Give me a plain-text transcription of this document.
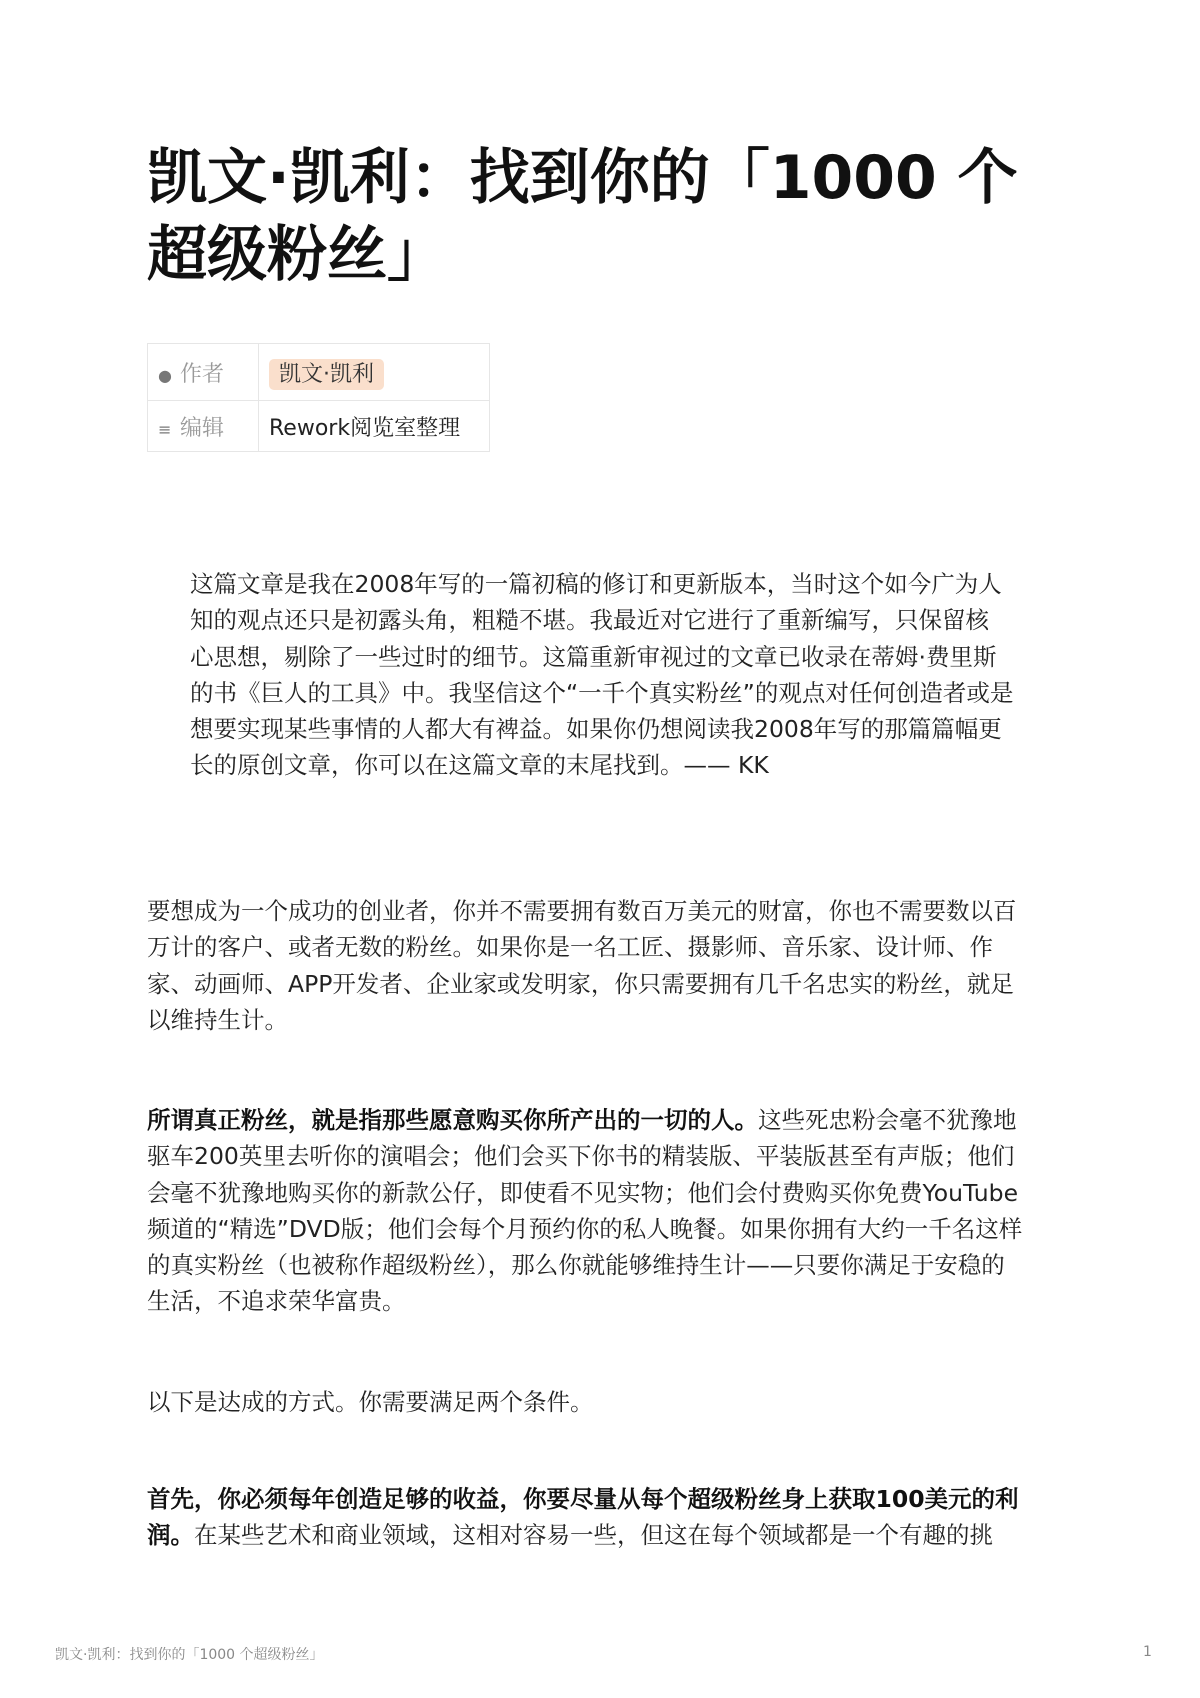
凯文·凯利：找到你的「1000 个超级粉丝」
● 作者	凯文·凯利
≡ 编辑	Rework阅览室整理
这篇文章是我在2008年写的一篇初稿的修订和更新版本，当时这个如今广为人
知的观点还只是初露头角，粗糙不堪。我最近对它进行了重新编写，只保留核
心思想，剔除了一些过时的细节。这篇重新审视过的文章已收录在蒂姆·费里斯
的书《巨人的工具》中。我坚信这个“一千个真实粉丝”的观点对任何创造者或是
想要实现某些事情的人都大有裨益。如果你仍想阅读我2008年写的那篇篇幅更
长的原创文章，你可以在这篇文章的末尾找到。—— KK
要想成为一个成功的创业者，你并不需要拥有数百万美元的财富，你也不需要数以百
万计的客户、或者无数的粉丝。如果你是一名工匠、摄影师、音乐家、设计师、作
家、动画师、APP开发者、企业家或发明家，你只需要拥有几千名忠实的粉丝，就足
以维持生计。
所谓真正粉丝，就是指那些愿意购买你所产出的一切的人。这些死忠粉会毫不犹豫地
驱车200英里去听你的演唱会；他们会买下你书的精装版、平装版甚至有声版；他们
会毫不犹豫地购买你的新款公仔，即使看不见实物；他们会付费购买你免费YouTube
频道的“精选”DVD版；他们会每个月预约你的私人晚餐。如果你拥有大约一千名这样
的真实粉丝（也被称作超级粉丝），那么你就能够维持生计——只要你满足于安稳的
生活，不追求荣华富贵。
以下是达成的方式。你需要满足两个条件。
首先，你必须每年创造足够的收益，你要尽量从每个超级粉丝身上获取100美元的利
润。在某些艺术和商业领域，这相对容易一些，但这在每个领域都是一个有趣的挑
凯文·凯利：找到你的「1000 个超级粉丝」	1
